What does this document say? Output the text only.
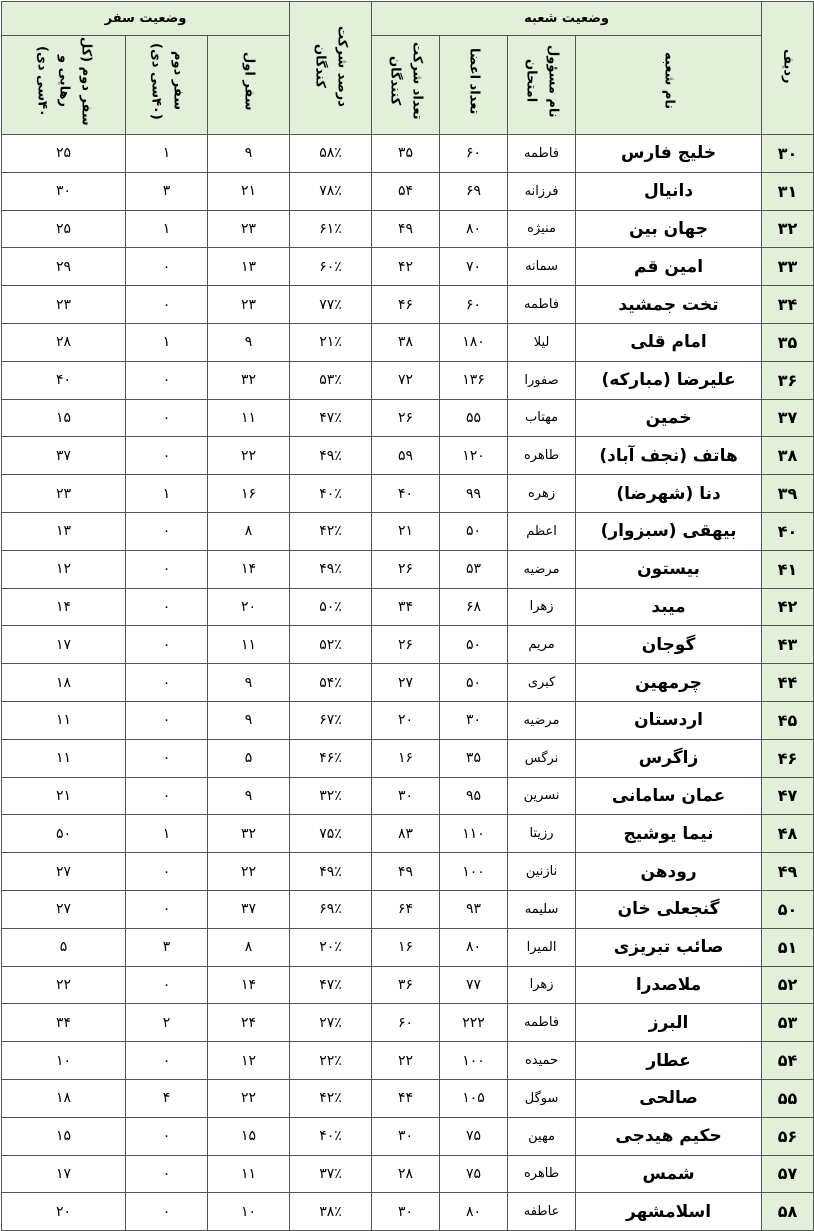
ردیف	وضعیت شعبه				درصد شرکت کندگان	وضعیت سفر		
	نام شعبه	نام مسؤول امتحان	تعداد اعضا	تعداد شرکت کنندگان		سفر اول	سفر دوم (۴۰سی دی)	سفر دوم (کل رهایی و ۴۰سی دی)
۳۰	خلیج فارس	فاطمه	۶۰	۳۵	۵۸٪	۹	۱	۲۵
۳۱	دانیال	فرزانه	۶۹	۵۴	۷۸٪	۲۱	۳	۳۰
۳۲	جهان بین	منیژه	۸۰	۴۹	۶۱٪	۲۳	۱	۲۵
۳۳	امین قم	سمانه	۷۰	۴۲	۶۰٪	۱۳	۰	۲۹
۳۴	تخت جمشید	فاطمه	۶۰	۴۶	۷۷٪	۲۳	۰	۲۳
۳۵	امام قلی	لیلا	۱۸۰	۳۸	۲۱٪	۹	۱	۲۸
۳۶	علیرضا (مبارکه)	صفورا	۱۳۶	۷۲	۵۳٪	۳۲	۰	۴۰
۳۷	خمین	مهتاب	۵۵	۲۶	۴۷٪	۱۱	۰	۱۵
۳۸	هاتف (نجف آباد)	طاهره	۱۲۰	۵۹	۴۹٪	۲۲	۰	۳۷
۳۹	دنا (شهرضا)	زهره	۹۹	۴۰	۴۰٪	۱۶	۱	۲۳
۴۰	بیهقی (سبزوار)	اعظم	۵۰	۲۱	۴۲٪	۸	۰	۱۳
۴۱	بیستون	مرضیه	۵۳	۲۶	۴۹٪	۱۴	۰	۱۲
۴۲	میبد	زهرا	۶۸	۳۴	۵۰٪	۲۰	۰	۱۴
۴۳	گوجان	مریم	۵۰	۲۶	۵۲٪	۱۱	۰	۱۷
۴۴	چرمهین	کبری	۵۰	۲۷	۵۴٪	۹	۰	۱۸
۴۵	اردستان	مرضیه	۳۰	۲۰	۶۷٪	۹	۰	۱۱
۴۶	زاگرس	نرگس	۳۵	۱۶	۴۶٪	۵	۰	۱۱
۴۷	عمان سامانی	نسرین	۹۵	۳۰	۳۲٪	۹	۰	۲۱
۴۸	نیما یوشیج	رزیتا	۱۱۰	۸۳	۷۵٪	۳۲	۱	۵۰
۴۹	رودهن	نازنین	۱۰۰	۴۹	۴۹٪	۲۲	۰	۲۷
۵۰	گنجعلی خان	سلیمه	۹۳	۶۴	۶۹٪	۳۷	۰	۲۷
۵۱	صائب تبریزی	المیرا	۸۰	۱۶	۲۰٪	۸	۳	۵
۵۲	ملاصدرا	زهرا	۷۷	۳۶	۴۷٪	۱۴	۰	۲۲
۵۳	البرز	فاطمه	۲۲۲	۶۰	۲۷٪	۲۴	۲	۳۴
۵۴	عطار	حمیده	۱۰۰	۲۲	۲۲٪	۱۲	۰	۱۰
۵۵	صالحی	سوگل	۱۰۵	۴۴	۴۲٪	۲۲	۴	۱۸
۵۶	حکیم هیدجی	مهین	۷۵	۳۰	۴۰٪	۱۵	۰	۱۵
۵۷	شمس	طاهره	۷۵	۲۸	۳۷٪	۱۱	۰	۱۷
۵۸	اسلامشهر	عاطفه	۸۰	۳۰	۳۸٪	۱۰	۰	۲۰
